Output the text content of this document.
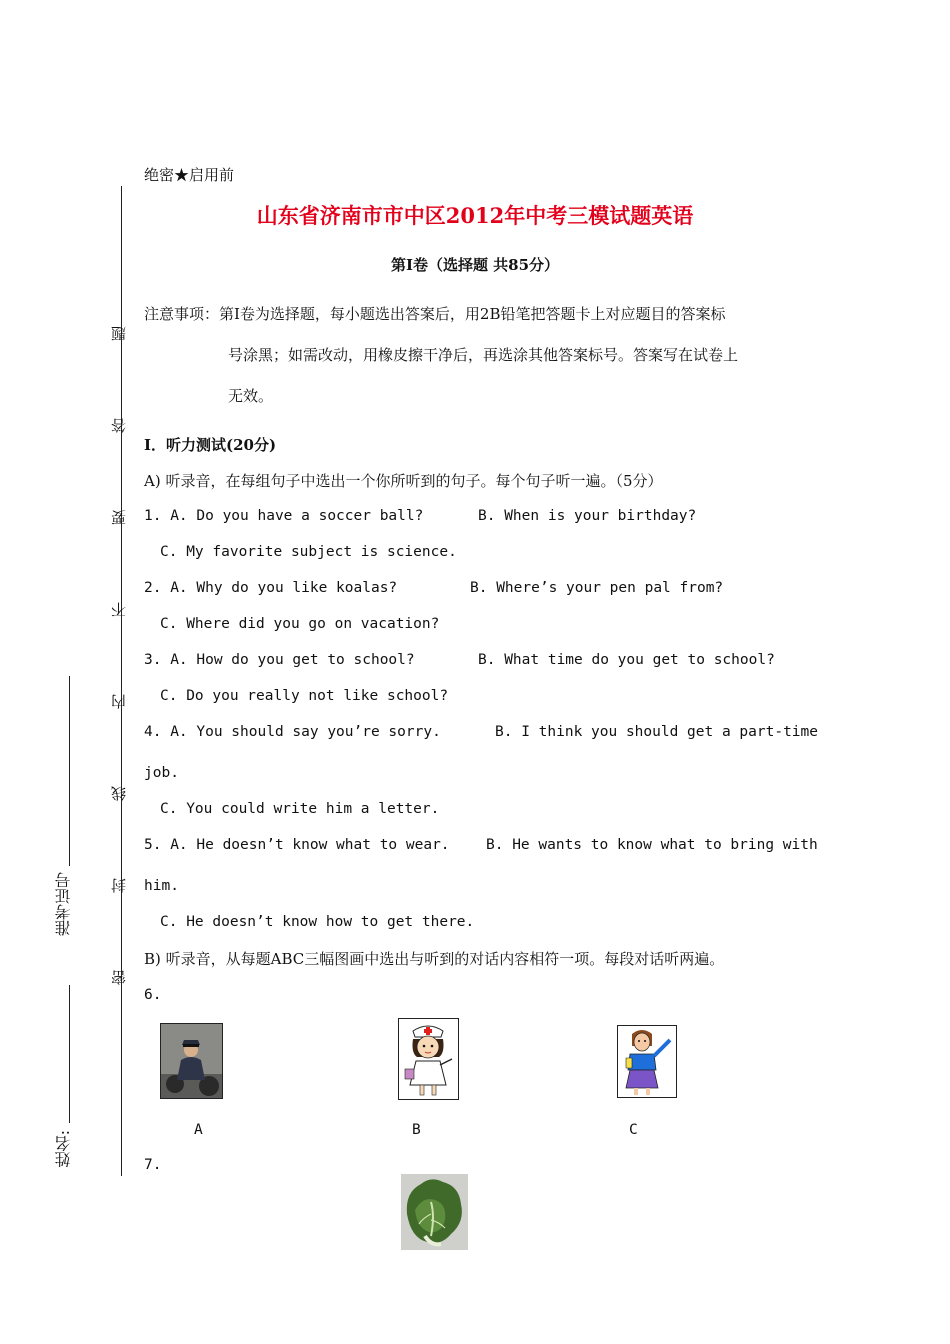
题
答
要
不
内
线
封
密
准考证号
姓名:
绝密★启用前
山东省济南市市中区2012年中考三模试题英语
第Ⅰ卷（选择题 共85分）
注意事项：第Ⅰ卷为选择题，每小题选出答案后，用2B铅笔把答题卡上对应题目的答案标
号涂黑；如需改动，用橡皮擦干净后，再选涂其他答案标号。答案写在试卷上
无效。
I．听力测试(20分)
A) 听录音，在每组句子中选出一个你所听到的句子。每个句子听一遍。（5分）
1. A. Do you have a soccer ball?	B. When is your birthday?
C. My favorite subject is science.
2. A. Why do you like koalas?	B. Where’s your pen pal from?
C. Where did you go on vacation?
3. A. How do you get to school?	B. What time do you get to school?
C. Do you really not like school?
4. A. You should say you’re sorry.	B. I think you should get a part-time
job.
C. You could write him a letter.
5. A. He doesn’t know what to wear.	B. He wants to know what to bring with
him.
C. He doesn’t know how to get there.
B) 听录音，从每题ABC三幅图画中选出与听到的对话内容相符一项。每段对话听两遍。
6.
A	B	C
7.
